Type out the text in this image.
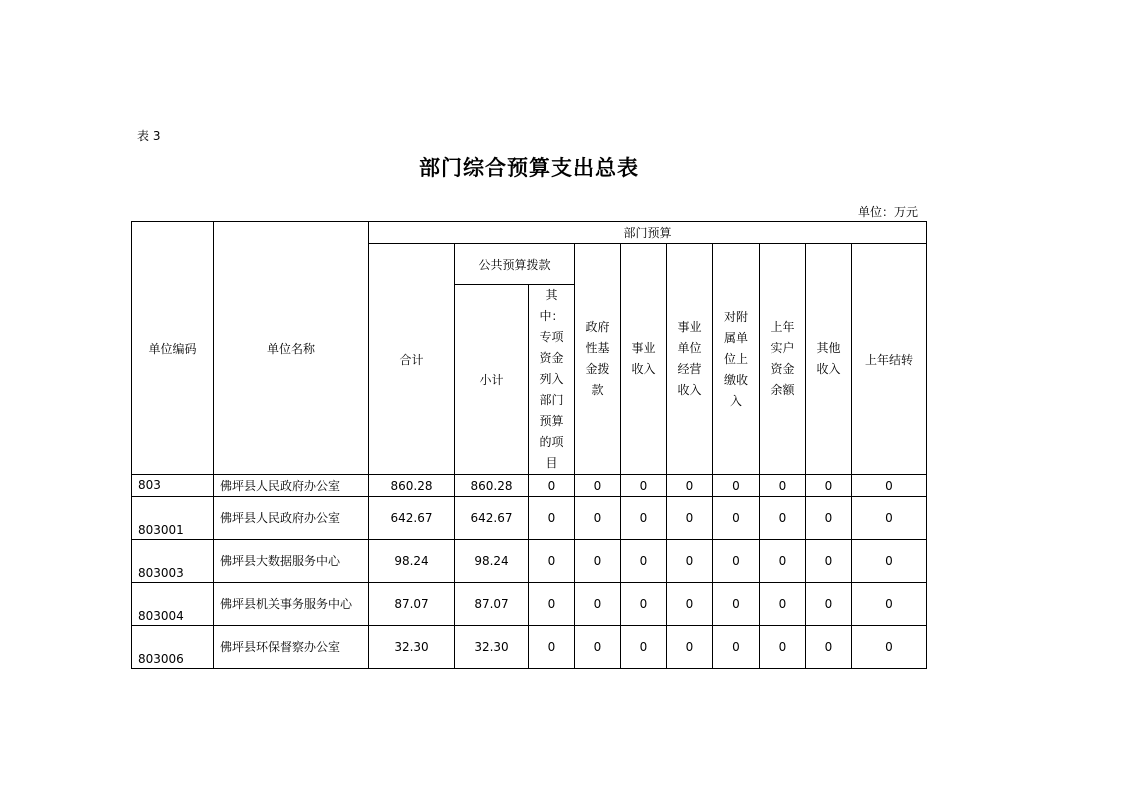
表 3
部门综合预算支出总表
单位：万元
单位编码	单位名称	部门预算									
		合计	公共预算拨款		政府性基金拨款	事业收入	事业单位经营收入	对附属单位上缴收入	上年实户资金余额	其他收入	上年结转
			小计	其中：专项资金列入部门预算的项目							
803	佛坪县人民政府办公室	860.28	860.28	0	0	0	0	0	0	0	0
803001	佛坪县人民政府办公室	642.67	642.67	0	0	0	0	0	0	0	0
803003	佛坪县大数据服务中心	98.24	98.24	0	0	0	0	0	0	0	0
803004	佛坪县机关事务服务中心	87.07	87.07	0	0	0	0	0	0	0	0
803006	佛坪县环保督察办公室	32.30	32.30	0	0	0	0	0	0	0	0
